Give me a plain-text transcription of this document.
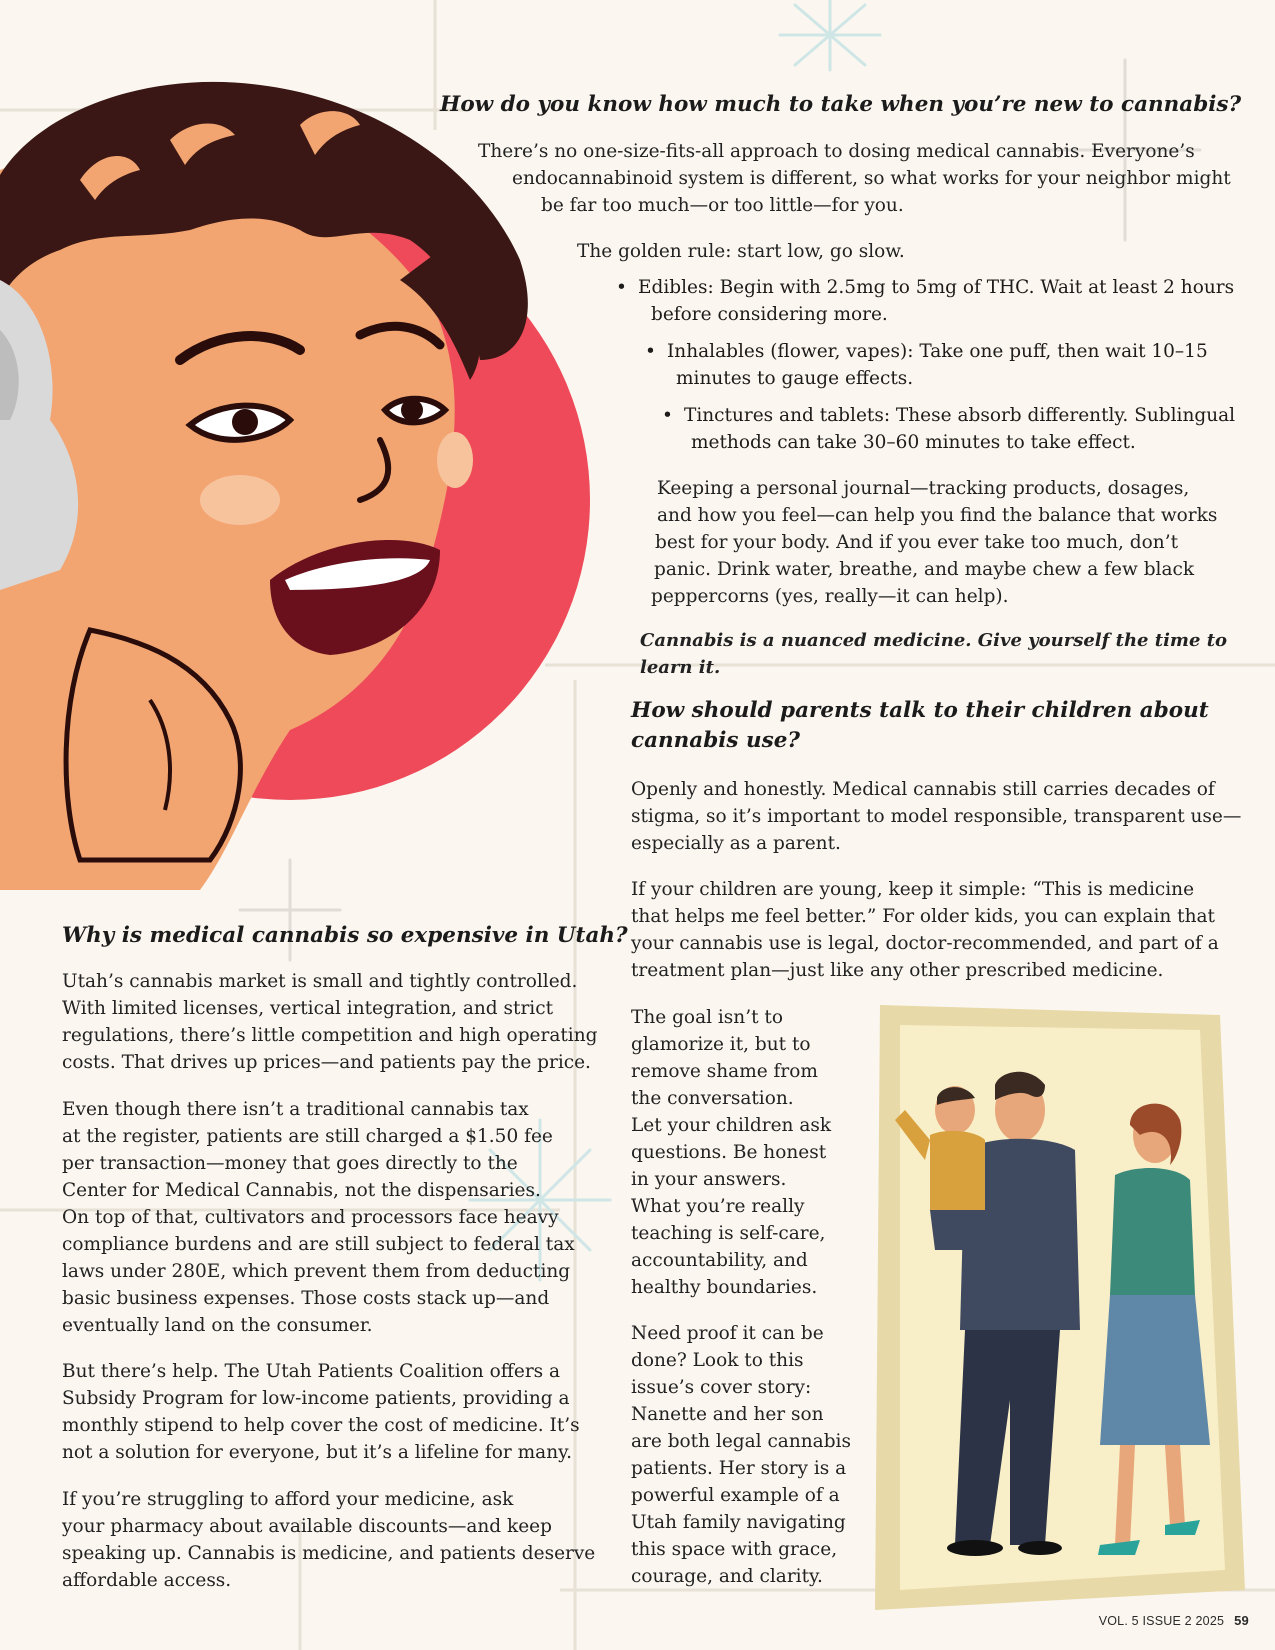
How do you know how much to take when you’re new to cannabis?

There’s no one-size-fits-all approach to dosing medical cannabis. Everyone’s

endocannabinoid system is different, so what works for your neighbor might

be far too much—or too little—for you.

The golden rule: start low, go slow.

• Edibles: Begin with 2.5mg to 5mg of THC. Wait at least 2 hours
before considering more.
• Inhalables (flower, vapes): Take one puff, then wait 10–15
minutes to gauge effects.
• Tinctures and tablets: These absorb differently. Sublingual
methods can take 30–60 minutes to take effect.

Keeping a personal journal—tracking products, dosages,

and how you feel—can help you find the balance that works

best for your body. And if you ever take too much, don’t

panic. Drink water, breathe, and maybe chew a few black

peppercorns (yes, really—it can help).

Cannabis is a nuanced medicine. Give yourself the time to learn it.

How should parents talk to their children about
cannabis use?

Openly and honestly. Medical cannabis still carries decades of

stigma, so it’s important to model responsible, transparent use—

especially as a parent.

If your children are young, keep it simple: “This is medicine

that helps me feel better.” For older kids, you can explain that

your cannabis use is legal, doctor-recommended, and part of a

treatment plan—just like any other prescribed medicine.

The goal isn’t to

glamorize it, but to

remove shame from

the conversation.

Let your children ask

questions. Be honest

in your answers.

What you’re really

teaching is self-care,

accountability, and

healthy boundaries.

Need proof it can be

done? Look to this

issue’s cover story:

Nanette and her son

are both legal cannabis

patients. Her story is a

powerful example of a

Utah family navigating

this space with grace,

courage, and clarity.

Why is medical cannabis so expensive in Utah?

Utah’s cannabis market is small and tightly controlled.

With limited licenses, vertical integration, and strict

regulations, there’s little competition and high operating

costs. That drives up prices—and patients pay the price.

Even though there isn’t a traditional cannabis tax

at the register, patients are still charged a $1.50 fee

per transaction—money that goes directly to the

Center for Medical Cannabis, not the dispensaries.

On top of that, cultivators and processors face heavy

compliance burdens and are still subject to federal tax

laws under 280E, which prevent them from deducting

basic business expenses. Those costs stack up—and

eventually land on the consumer.

But there’s help. The Utah Patients Coalition offers a

Subsidy Program for low-income patients, providing a

monthly stipend to help cover the cost of medicine. It’s

not a solution for everyone, but it’s a lifeline for many.

If you’re struggling to afford your medicine, ask

your pharmacy about available discounts—and keep

speaking up. Cannabis is medicine, and patients deserve

affordable access.

VOL. 5 ISSUE 2 2025 59
